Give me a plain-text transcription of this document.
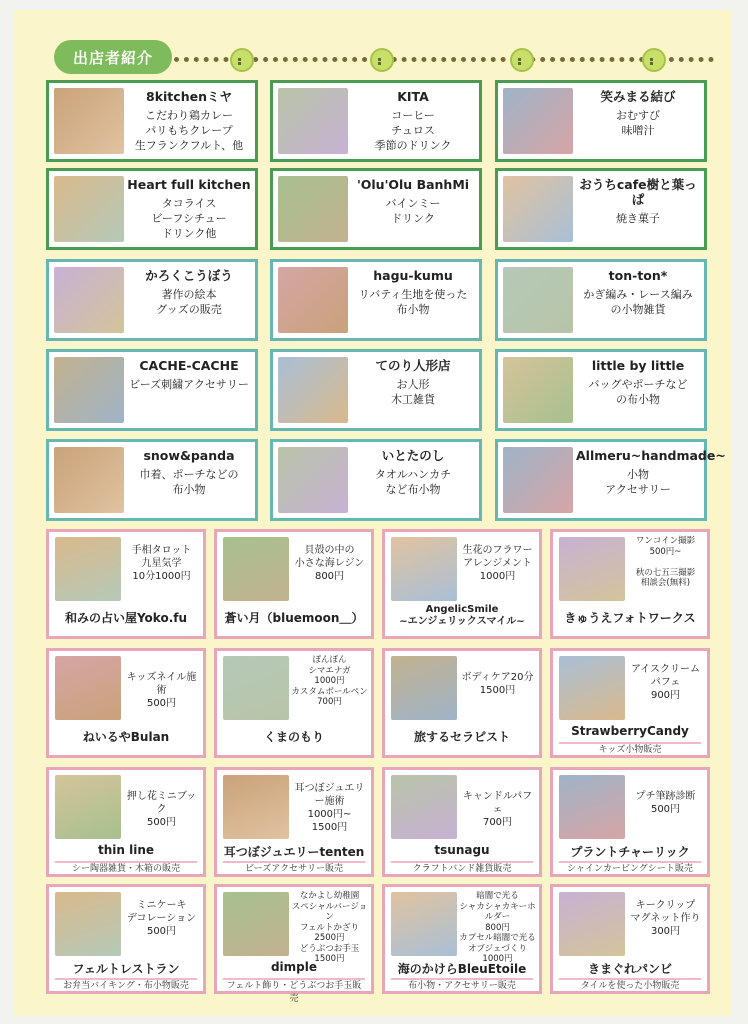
出店者紹介
8kitchenミヤ
こだわり鶏カレー
パリもちクレープ
生フランクフルト、他
KITA
コーヒー
チュロス
季節のドリンク
笑みまる結び
おむすび
味噌汁
Heart full kitchen
タコライス
ビーフシチュー
ドリンク他
'Olu'Olu BanhMi
バインミー
ドリンク
おうちcafe樹と葉っぱ
焼き菓子
かろくこうぼう
著作の絵本
グッズの販売
hagu-kumu
リバティ生地を使った
布小物
ton-ton*
かぎ編み・レース編み
の小物雑貨
CACHE-CACHE
ビーズ刺繍アクセサリー
てのり人形店
お人形
木工雑貨
little by little
バッグやポーチなど
の布小物
snow&panda
巾着、ポーチなどの
布小物
いとたのし
タオルハンカチ
など布小物
Allmeru~handmade~
小物
アクセサリー
手相タロット
九星気学
10分1000円
和みの占い屋Yoko.fu
貝殻の中の
小さな海レジン
800円
蒼い月（bluemoon＿）
生花のフラワー
アレンジメント
1000円
AngelicSmile
~エンジェリックスマイル~
ワンコイン撮影
500円~

秋の七五三撮影
相談会(無料)
きゅうえフォトワークス
キッズネイル施術
500円
ねいるやBulan
ぽんぽん
シマエナガ
1000円
カスタムボールペン
700円
くまのもり
ボディケア20分
1500円
旅するセラピスト
アイスクリーム
パフェ
900円
StrawberryCandy
キッズ小物販売
押し花ミニブック
500円
thin line
シー陶器雑貨・木箱の販売
耳つぼジュエリー施術
1000円~
1500円
耳つぼジュエリーtenten
ビーズアクセサリー販売
キャンドルパフェ
700円
tsunagu
クラフトバンド雑貨販売
プチ筆跡診断
500円
プラントチャーリック
シャインカービングシート販売
ミニケーキ
デコレーション
500円
フェルトレストラン
お弁当バイキング・布小物販売
なかよし幼稚園
スペシャルバージョン
フェルトかざり
2500円
どうぶつお手玉
1500円
dimple
フェルト飾り・どうぶつお手玉販売
暗闇で光る
シャカシャカキーホルダー
800円
カプセル暗闇で光る
オブジェづくり
1000円
海のかけらBleuEtoile
布小物・アクセサリー販売
キークリップ
マグネット作り
300円
きまぐれパンビ
タイルを使った小物販売
